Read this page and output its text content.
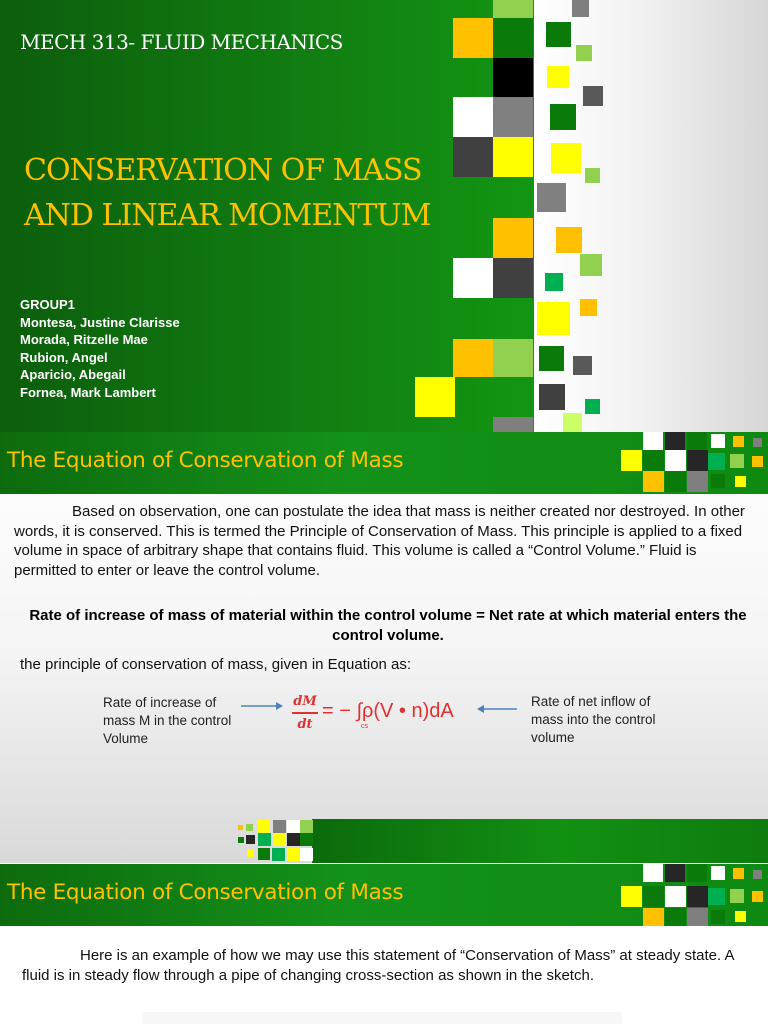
MECH 313- FLUID MECHANICS
CONSERVATION OF MASS
AND LINEAR MOMENTUM
GROUP1
Montesa, Justine Clarisse
Morada, Ritzelle Mae
Rubion, Angel
Aparicio, Abegail
Fornea, Mark Lambert
The Equation of Conservation of Mass
Based on observation, one can postulate the idea that mass is neither created nor destroyed. In other words, it is conserved. This is termed the Principle of Conservation of Mass. This principle is applied to a fixed volume in space of arbitrary shape that contains fluid. This volume is called a “Control Volume.” Fluid is permitted to enter or leave the control volume.
Rate of increase of mass of material within the control volume = Net rate at which material enters the control volume.
the principle of conservation of mass, given in Equation as:
Rate of increase of mass M in the control Volume
dM
dt
= − ∫ρ(V • n)dA
cs
Rate of net inflow of mass into the control volume
The Equation of Conservation of Mass
Here is an example of how we may use this statement of “Conservation of Mass” at steady state. A fluid is in steady flow through a pipe of changing cross-section as shown in the sketch.
